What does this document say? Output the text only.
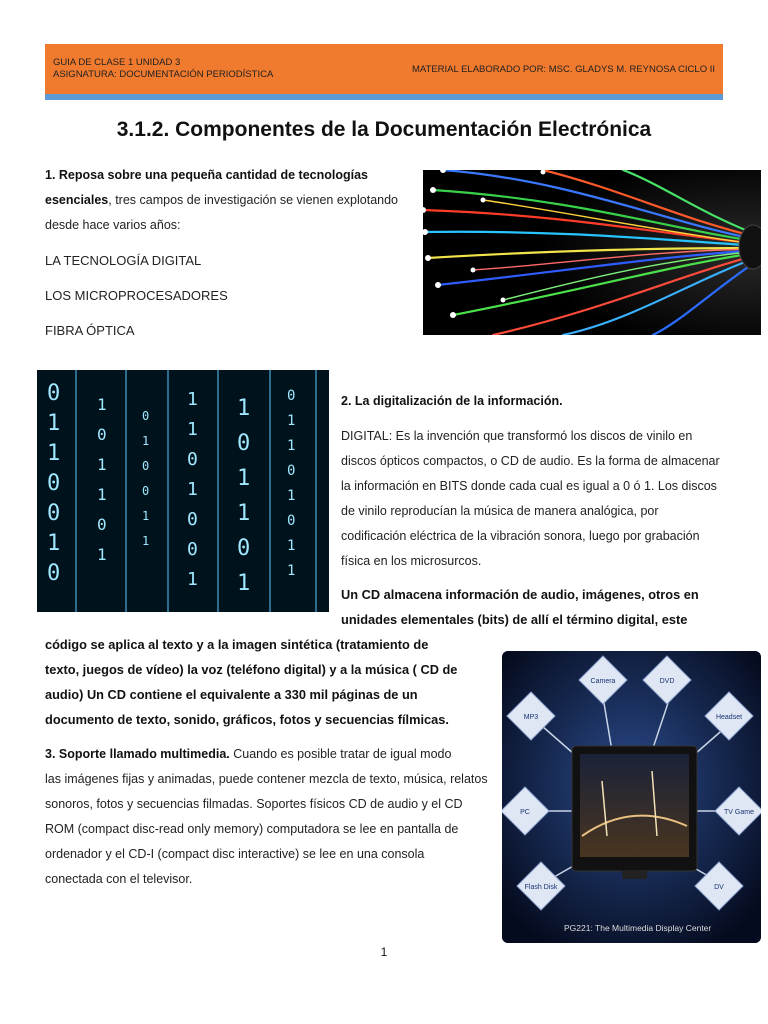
GUIA DE CLASE 1 UNIDAD 3
ASIGNATURA: DOCUMENTACIÓN PERIODÍSTICA	MATERIAL ELABORADO POR: MSC. GLADYS M. REYNOSA CICLO II
3.1.2. Componentes de la Documentación Electrónica
1. Reposa sobre una pequeña cantidad de tecnologías
esenciales, tres campos de investigación se vienen explotando
desde hace varios años:
LA TECNOLOGÍA DIGITAL
LOS MICROPROCESADORES
FIBRA ÓPTICA
0
1
1
0
0
1
0
1
0
1
1
0
1
0
1
0
0
1
1
1
1
0
1
0
0
1
1
0
1
1
0
1
0
1
1
0
1
0
1
1
2. La digitalización de la información.
DIGITAL: Es la invención que transformó los discos de vinilo en
discos ópticos compactos, o CD de audio. Es la forma de almacenar
la información en BITS donde cada cual es igual a 0 ó 1. Los discos
de vinilo reproducían la música de manera analógica, por
codificación eléctrica de la vibración sonora, luego por grabación
física en los microsurcos.
Un CD almacena información de audio, imágenes, otros en
unidades elementales (bits) de allí el término digital, este
código se aplica al texto y a la imagen sintética (tratamiento de
texto, juegos de vídeo) la voz (teléfono digital) y a la música ( CD de
audio) Un CD contiene el equivalente a 330 mil páginas de un
documento de texto, sonido, gráficos, fotos y secuencias fílmicas.
3. Soporte llamado multimedia. Cuando es posible tratar de igual modo
las imágenes fijas y animadas, puede contener mezcla de texto, música, relatos
sonoros, fotos y secuencias filmadas. Soportes físicos CD de audio y el CD
ROM (compact disc-read only memory) computadora se lee en pantalla de
ordenador y el CD-I (compact disc interactive) se lee en una consola
conectada con el televisor.
MP3
Camera	DVD
Headset
PC	TV Game
Flash Disk	DV
PG221: The Multimedia Display Center
1
